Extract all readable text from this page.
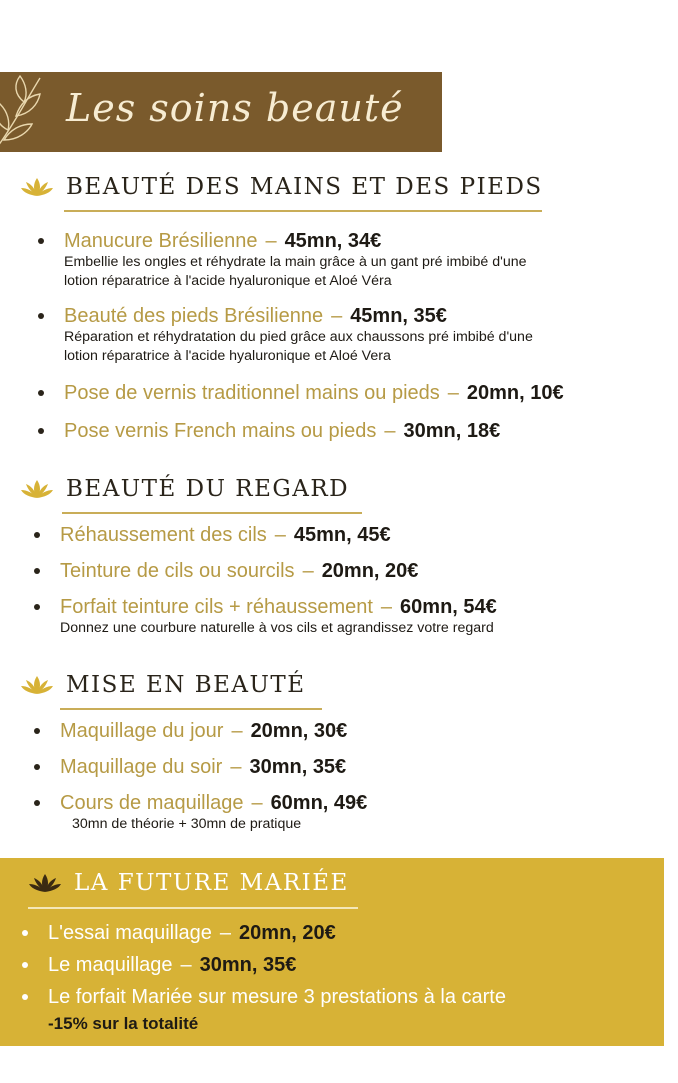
Les soins beauté
BEAUTÉ DES MAINS ET DES PIEDS
Manucure Brésilienne – 45mn, 34€
Embellie les ongles et réhydrate la main grâce à un gant pré imbibé d'une
lotion réparatrice à l'acide hyaluronique et Aloé Véra
Beauté des pieds Brésilienne – 45mn, 35€
Réparation et réhydratation du pied grâce aux chaussons pré imbibé d'une
lotion réparatrice à l'acide hyaluronique et Aloé Vera
Pose de vernis traditionnel mains ou pieds – 20mn, 10€
Pose vernis French mains ou pieds – 30mn, 18€
BEAUTÉ DU REGARD
Réhaussement des cils – 45mn, 45€
Teinture de cils ou sourcils – 20mn, 20€
Forfait teinture cils + réhaussement – 60mn, 54€
Donnez une courbure naturelle à vos cils et agrandissez votre regard
MISE EN BEAUTÉ
Maquillage du jour – 20mn, 30€
Maquillage du soir – 30mn, 35€
Cours de maquillage – 60mn, 49€
30mn de théorie + 30mn de pratique
LA FUTURE MARIÉE
L'essai maquillage – 20mn, 20€
Le maquillage – 30mn, 35€
Le forfait Mariée sur mesure 3 prestations à la carte
-15% sur la totalité
